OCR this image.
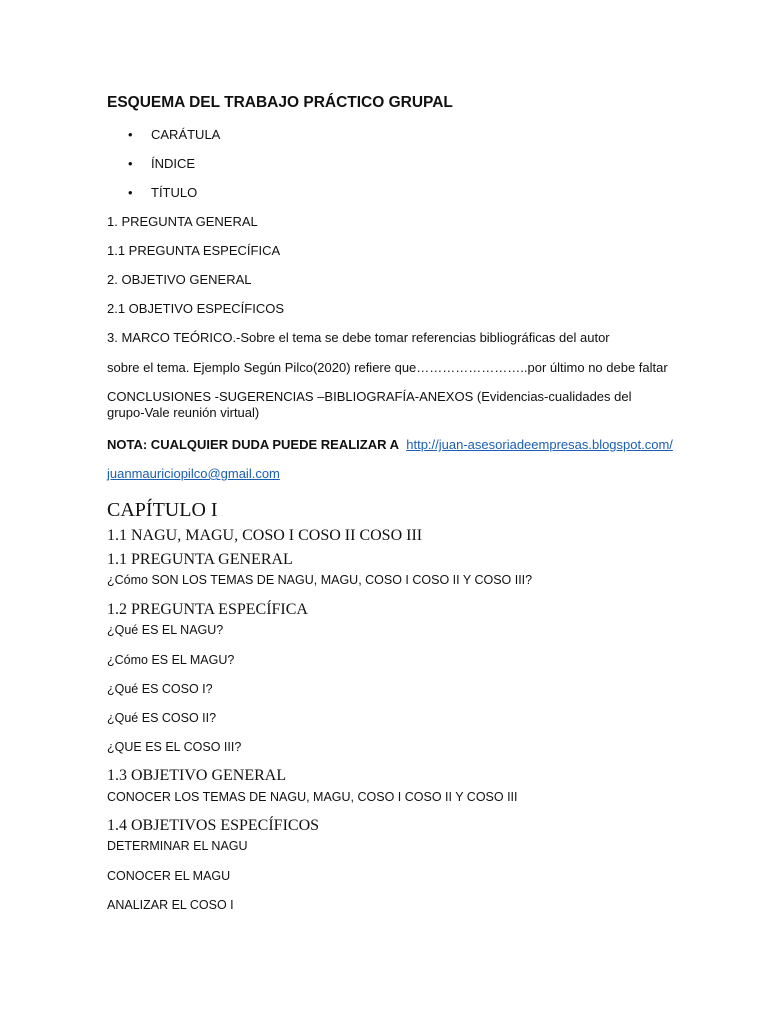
ESQUEMA DEL TRABAJO PRÁCTICO GRUPAL
• CARÁTULA
• ÍNDICE
• TÍTULO
1. PREGUNTA GENERAL
1.1 PREGUNTA ESPECÍFICA
2. OBJETIVO GENERAL
2.1 OBJETIVO ESPECÍFICOS
3. MARCO TEÓRICO.-Sobre el tema se debe tomar referencias bibliográficas del autor
sobre el tema. Ejemplo Según Pilco(2020) refiere que……………………..por último no debe faltar
CONCLUSIONES -SUGERENCIAS –BIBLIOGRAFÍA-ANEXOS (Evidencias-cualidades del grupo-Vale reunión virtual)
NOTA: CUALQUIER DUDA PUEDE REALIZAR A http://juan-asesoriadeempresas.blogspot.com/
juanmauriciopilco@gmail.com
CAPÍTULO I
1.1 NAGU, MAGU, COSO I COSO II COSO III
1.1 PREGUNTA GENERAL
¿Cómo SON LOS TEMAS DE NAGU, MAGU, COSO I COSO II Y COSO III?
1.2 PREGUNTA ESPECÍFICA
¿Qué ES EL NAGU?
¿Cómo ES EL MAGU?
¿Qué ES COSO I?
¿Qué ES COSO II?
¿QUE ES EL COSO III?
1.3 OBJETIVO GENERAL
CONOCER LOS TEMAS DE NAGU, MAGU, COSO I COSO II Y COSO III
1.4 OBJETIVOS ESPECÍFICOS
DETERMINAR EL NAGU
CONOCER EL MAGU
ANALIZAR EL COSO I
